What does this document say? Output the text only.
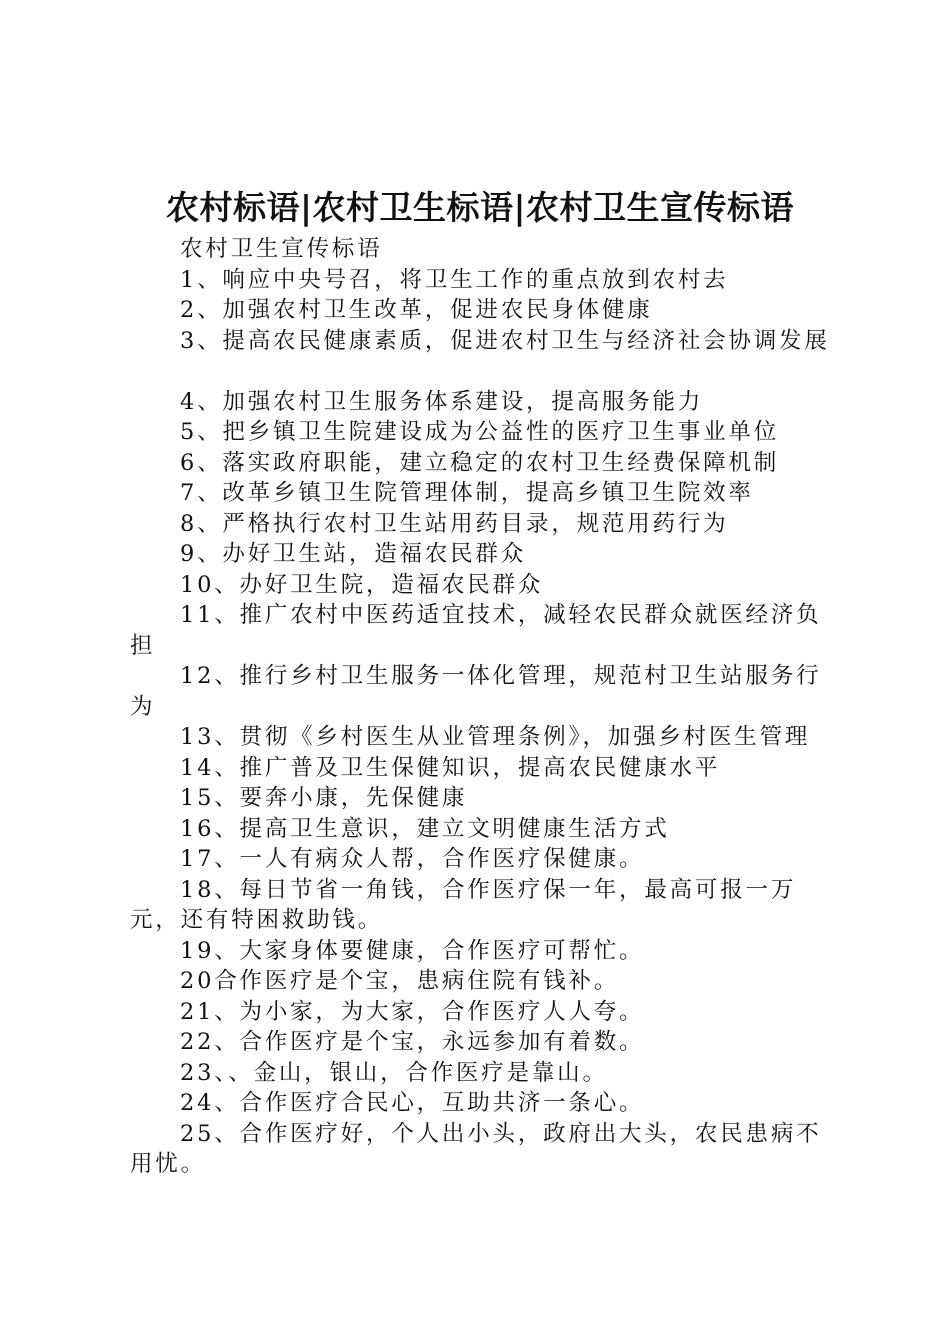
农村标语|农村卫生标语|农村卫生宣传标语

农村卫生宣传标语

1、响应中央号召，将卫生工作的重点放到农村去

2、加强农村卫生改革，促进农民身体健康

3、提高农民健康素质，促进农村卫生与经济社会协调发展

4、加强农村卫生服务体系建设，提高服务能力

5、把乡镇卫生院建设成为公益性的医疗卫生事业单位

6、落实政府职能，建立稳定的农村卫生经费保障机制

7、改革乡镇卫生院管理体制，提高乡镇卫生院效率

8、严格执行农村卫生站用药目录，规范用药行为

9、办好卫生站，造福农民群众

10、办好卫生院，造福农民群众

11、推广农村中医药适宜技术，减轻农民群众就医经济负担

12、推行乡村卫生服务一体化管理，规范村卫生站服务行为

13、贯彻《乡村医生从业管理条例》，加强乡村医生管理

14、推广普及卫生保健知识，提高农民健康水平

15、要奔小康，先保健康

16、提高卫生意识，建立文明健康生活方式

17、一人有病众人帮，合作医疗保健康。

18、每日节省一角钱，合作医疗保一年，最高可报一万元，还有特困救助钱。

19、大家身体要健康，合作医疗可帮忙。

20合作医疗是个宝，患病住院有钱补。

21、为小家，为大家，合作医疗人人夸。

22、合作医疗是个宝，永远参加有着数。

23、、金山，银山，合作医疗是靠山。

24、合作医疗合民心，互助共济一条心。

25、合作医疗好，个人出小头，政府出大头，农民患病不用忧。
